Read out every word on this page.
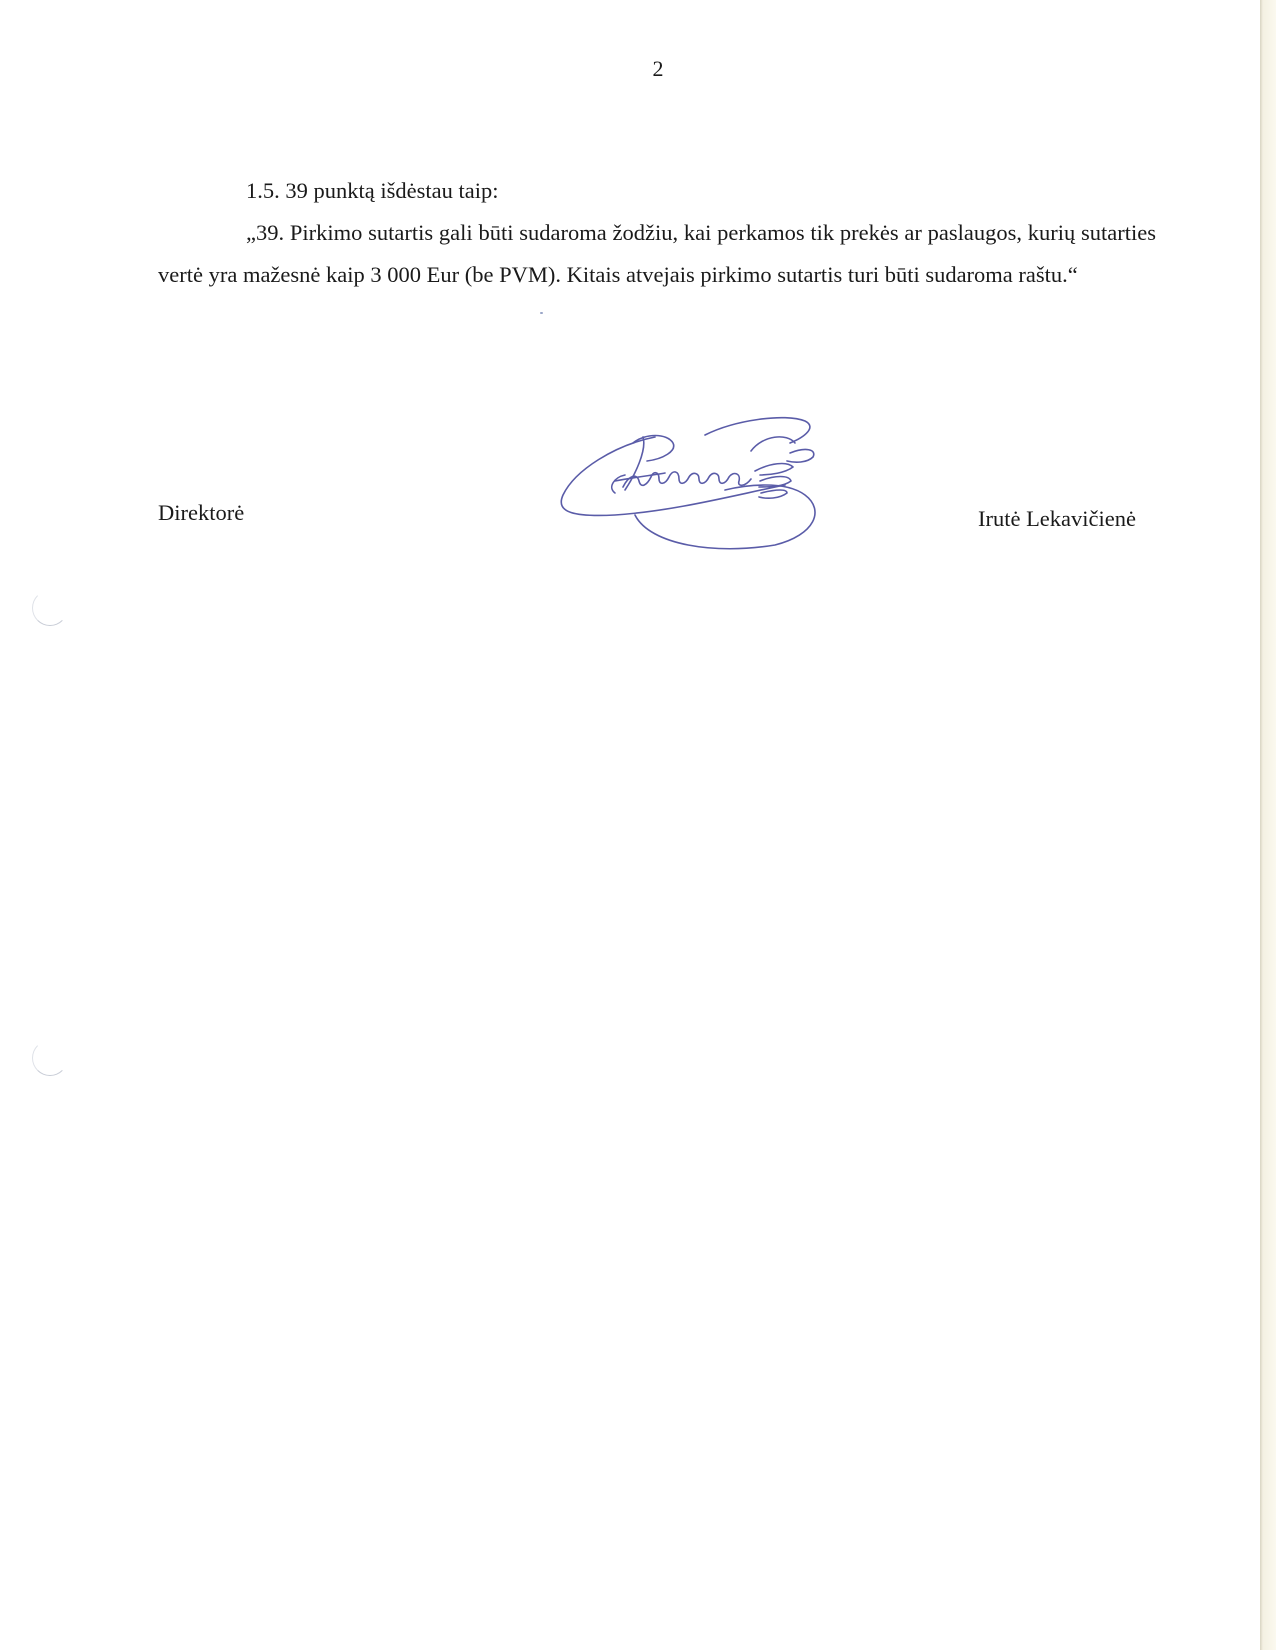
2

1.5. 39 punktą išdėstau taip:

„39. Pirkimo sutartis gali būti sudaroma žodžiu, kai perkamos tik prekės ar paslaugos, kurių sutarties vertė yra mažesnė kaip 3 000 Eur (be PVM). Kitais atvejais pirkimo sutartis turi būti sudaroma raštu.“

Direktorė	Irutė Lekavičienė
